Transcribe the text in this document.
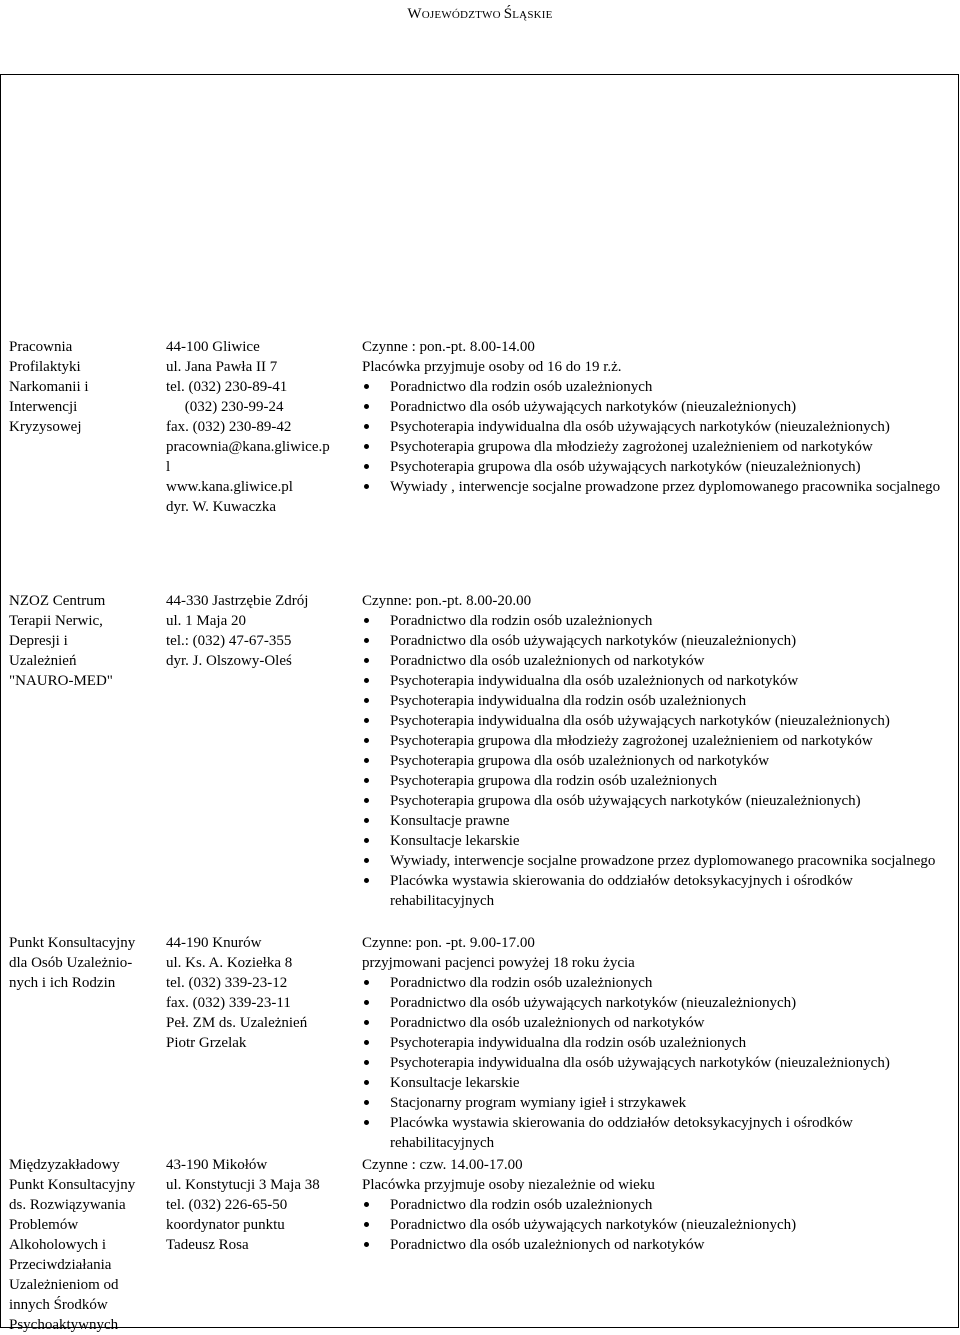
WOJEWÓDZTWO ŚLĄSKIE
Pracownia
Profilaktyki
Narkomanii i
Interwencji
Kryzysowej
44-100 Gliwice
ul. Jana Pawła II 7
tel. (032) 230-89-41
(032) 230-99-24
fax. (032) 230-89-42
pracownia@kana.gliwice.p
l
www.kana.gliwice.pl
dyr. W. Kuwaczka
Czynne : pon.-pt. 8.00-14.00
Placówka przyjmuje osoby od 16 do 19 r.ż.
Poradnictwo dla rodzin osób uzależnionych
Poradnictwo dla osób używających narkotyków (nieuzależnionych)
Psychoterapia indywidualna dla osób używających narkotyków (nieuzależnionych)
Psychoterapia grupowa dla młodzieży zagrożonej uzależnieniem od narkotyków
Psychoterapia grupowa dla osób używających narkotyków (nieuzależnionych)
Wywiady , interwencje socjalne prowadzone przez dyplomowanego pracownika socjalnego
NZOZ Centrum
Terapii Nerwic,
Depresji i
Uzależnień
"NAURO-MED"
44-330 Jastrzębie Zdrój
ul. 1 Maja 20
tel.: (032) 47-67-355
dyr. J. Olszowy-Oleś
Czynne: pon.-pt. 8.00-20.00
Poradnictwo dla rodzin osób uzależnionych
Poradnictwo dla osób używających narkotyków (nieuzależnionych)
Poradnictwo dla osób uzależnionych od narkotyków
Psychoterapia indywidualna dla osób uzależnionych od narkotyków
Psychoterapia indywidualna dla rodzin osób uzależnionych
Psychoterapia indywidualna dla osób używających narkotyków (nieuzależnionych)
Psychoterapia grupowa dla młodzieży zagrożonej uzależnieniem od narkotyków
Psychoterapia grupowa dla osób uzależnionych od narkotyków
Psychoterapia grupowa dla rodzin osób uzależnionych
Psychoterapia grupowa dla osób używających narkotyków (nieuzależnionych)
Konsultacje prawne
Konsultacje lekarskie
Wywiady, interwencje socjalne prowadzone przez dyplomowanego pracownika socjalnego
Placówka wystawia skierowania do oddziałów detoksykacyjnych i ośrodków rehabilitacyjnych
Punkt Konsultacyjny
dla Osób Uzależnio-
nych i ich Rodzin
44-190 Knurów
ul. Ks. A. Koziełka 8
tel. (032) 339-23-12
fax. (032) 339-23-11
Peł. ZM ds. Uzależnień
Piotr Grzelak
Czynne: pon. -pt. 9.00-17.00
przyjmowani pacjenci powyżej 18 roku życia
Poradnictwo dla rodzin osób uzależnionych
Poradnictwo dla osób używających narkotyków (nieuzależnionych)
Poradnictwo dla osób uzależnionych od narkotyków
Psychoterapia indywidualna dla rodzin osób uzależnionych
Psychoterapia indywidualna dla osób używających narkotyków (nieuzależnionych)
Konsultacje lekarskie
Stacjonarny program wymiany igieł i strzykawek
Placówka wystawia skierowania do oddziałów detoksykacyjnych i ośrodków rehabilitacyjnych
Międzyzakładowy
Punkt Konsultacyjny
ds. Rozwiązywania
Problemów
Alkoholowych i
Przeciwdziałania
Uzależnieniom od
innych Środków
Psychoaktywnych
43-190 Mikołów
ul. Konstytucji 3 Maja 38
tel. (032) 226-65-50
koordynator punktu
Tadeusz Rosa
Czynne : czw. 14.00-17.00
Placówka przyjmuje osoby niezależnie od wieku
Poradnictwo dla rodzin osób uzależnionych
Poradnictwo dla osób używających narkotyków (nieuzależnionych)
Poradnictwo dla osób uzależnionych od narkotyków
